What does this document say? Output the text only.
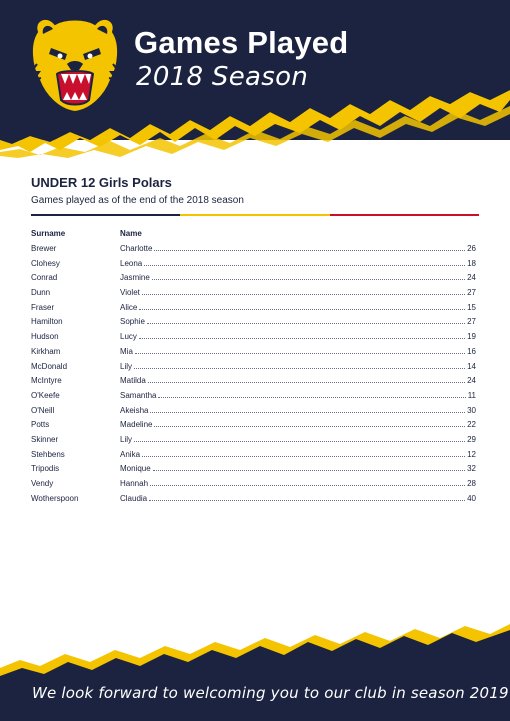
Games Played
2018 Season
UNDER 12 Girls Polars
Games played as of the end of the 2018 season
Surname	Name
Brewer	Charlotte	26
Clohesy	Leona	18
Conrad	Jasmine	24
Dunn	Violet	27
Fraser	Alice	15
Hamilton	Sophie	27
Hudson	Lucy	19
Kirkham	Mia	16
McDonald	Lily	14
McIntyre	Matilda	24
O'Keefe	Samantha	11
O'Neill	Akeisha	30
Potts	Madeline	22
Skinner	Lily	29
Stehbens	Anika	12
Tripodis	Monique	32
Vendy	Hannah	28
Wotherspoon	Claudia	40
We look forward to welcoming you to our club in season 2019
